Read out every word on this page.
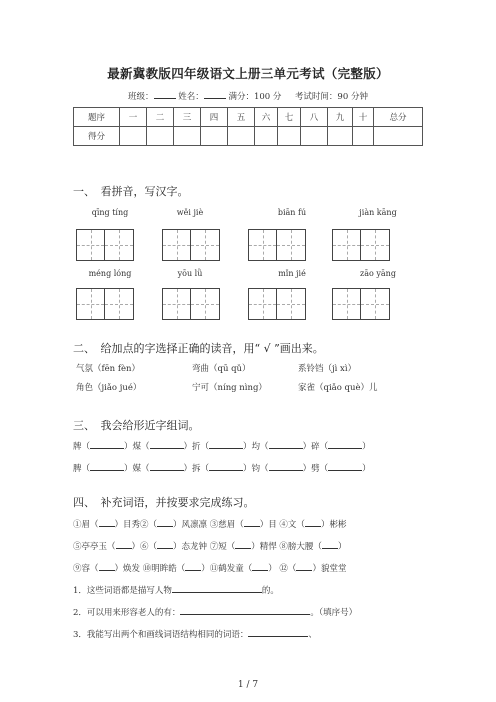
最新冀教版四年级语文上册三单元考试（完整版）
班级：	姓名：	满分：100 分 考试时间：90 分钟
题序	一	二	三	四	五	六	七	八	九	十	总分
得分											
一、　看拼音，写汉字。
qīng tíng	wěi jiè	biān fú	jiàn kāng
méng lóng	yōu lǜ	mǐn jié	zāo yāng
二、　给加点的字选择正确的读音，用“ √ ”画出来。
气氛（fēn fèn）	弯曲（qū qǔ）	系铃铛（jì xì）
角色（jiǎo jué）	宁可（níng nìng）	家雀（qiǎo què）儿
三、　我会给形近字组词。
牌（	）煤（	）折（	）均（	）碎（	）
脾（	）媒（	）拆（	）钧（	）劈（	）
四、　补充词语，并按要求完成练习。
①眉（ ）目秀②（ ）风凛凛 ③慈眉（ ）目 ④文（ ）彬彬
⑤亭亭玉（ ）⑥（ ）态龙钟 ⑦短（ ）精悍 ⑧膀大腰（ ）
⑨容（ ）焕发 ⑩明眸皓（ ）⑪鹤发童（ ） ⑫（ ）貌堂堂
1．这些词语都是描写人物	的。
2．可以用来形容老人的有：	。（填序号）
3．我能写出两个和画线词语结构相同的词语：	、
1 / 7
